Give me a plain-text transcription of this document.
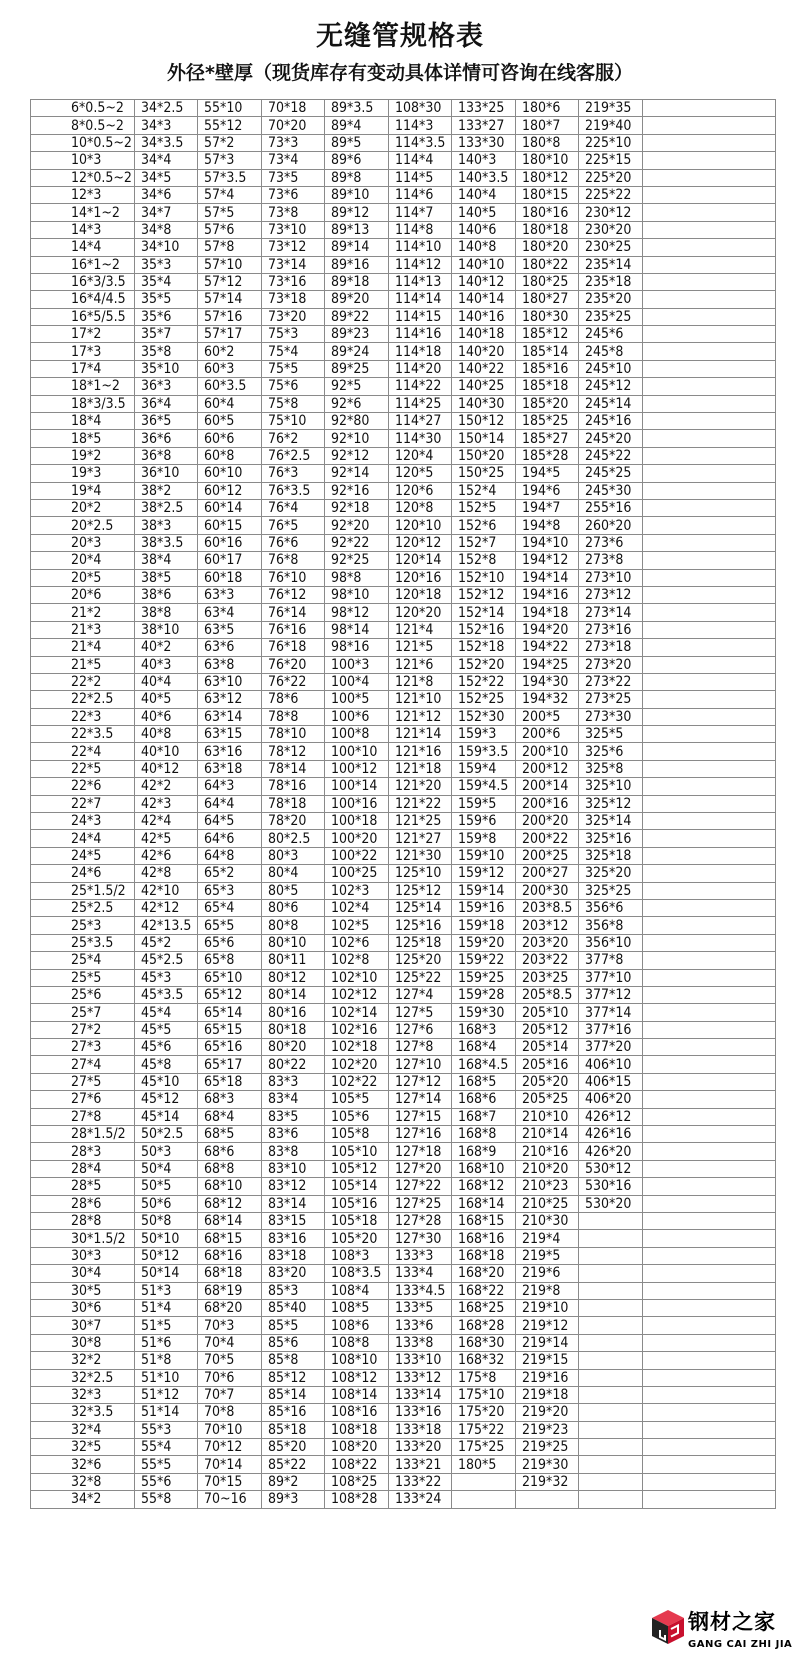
无缝管规格表
外径*壁厚（现货库存有变动具体详情可咨询在线客服）
6*0.5~2	34*2.5	55*10	70*18	89*3.5	108*30	133*25	180*6	219*35	
8*0.5~2	34*3	55*12	70*20	89*4	114*3	133*27	180*7	219*40	
10*0.5~2	34*3.5	57*2	73*3	89*5	114*3.5	133*30	180*8	225*10	
10*3	34*4	57*3	73*4	89*6	114*4	140*3	180*10	225*15	
12*0.5~2	34*5	57*3.5	73*5	89*8	114*5	140*3.5	180*12	225*20	
12*3	34*6	57*4	73*6	89*10	114*6	140*4	180*15	225*22	
14*1~2	34*7	57*5	73*8	89*12	114*7	140*5	180*16	230*12	
14*3	34*8	57*6	73*10	89*13	114*8	140*6	180*18	230*20	
14*4	34*10	57*8	73*12	89*14	114*10	140*8	180*20	230*25	
16*1~2	35*3	57*10	73*14	89*16	114*12	140*10	180*22	235*14	
16*3/3.5	35*4	57*12	73*16	89*18	114*13	140*12	180*25	235*18	
16*4/4.5	35*5	57*14	73*18	89*20	114*14	140*14	180*27	235*20	
16*5/5.5	35*6	57*16	73*20	89*22	114*15	140*16	180*30	235*25	
17*2	35*7	57*17	75*3	89*23	114*16	140*18	185*12	245*6	
17*3	35*8	60*2	75*4	89*24	114*18	140*20	185*14	245*8	
17*4	35*10	60*3	75*5	89*25	114*20	140*22	185*16	245*10	
18*1~2	36*3	60*3.5	75*6	92*5	114*22	140*25	185*18	245*12	
18*3/3.5	36*4	60*4	75*8	92*6	114*25	140*30	185*20	245*14	
18*4	36*5	60*5	75*10	92*80	114*27	150*12	185*25	245*16	
18*5	36*6	60*6	76*2	92*10	114*30	150*14	185*27	245*20	
19*2	36*8	60*8	76*2.5	92*12	120*4	150*20	185*28	245*22	
19*3	36*10	60*10	76*3	92*14	120*5	150*25	194*5	245*25	
19*4	38*2	60*12	76*3.5	92*16	120*6	152*4	194*6	245*30	
20*2	38*2.5	60*14	76*4	92*18	120*8	152*5	194*7	255*16	
20*2.5	38*3	60*15	76*5	92*20	120*10	152*6	194*8	260*20	
20*3	38*3.5	60*16	76*6	92*22	120*12	152*7	194*10	273*6	
20*4	38*4	60*17	76*8	92*25	120*14	152*8	194*12	273*8	
20*5	38*5	60*18	76*10	98*8	120*16	152*10	194*14	273*10	
20*6	38*6	63*3	76*12	98*10	120*18	152*12	194*16	273*12	
21*2	38*8	63*4	76*14	98*12	120*20	152*14	194*18	273*14	
21*3	38*10	63*5	76*16	98*14	121*4	152*16	194*20	273*16	
21*4	40*2	63*6	76*18	98*16	121*5	152*18	194*22	273*18	
21*5	40*3	63*8	76*20	100*3	121*6	152*20	194*25	273*20	
22*2	40*4	63*10	76*22	100*4	121*8	152*22	194*30	273*22	
22*2.5	40*5	63*12	78*6	100*5	121*10	152*25	194*32	273*25	
22*3	40*6	63*14	78*8	100*6	121*12	152*30	200*5	273*30	
22*3.5	40*8	63*15	78*10	100*8	121*14	159*3	200*6	325*5	
22*4	40*10	63*16	78*12	100*10	121*16	159*3.5	200*10	325*6	
22*5	40*12	63*18	78*14	100*12	121*18	159*4	200*12	325*8	
22*6	42*2	64*3	78*16	100*14	121*20	159*4.5	200*14	325*10	
22*7	42*3	64*4	78*18	100*16	121*22	159*5	200*16	325*12	
24*3	42*4	64*5	78*20	100*18	121*25	159*6	200*20	325*14	
24*4	42*5	64*6	80*2.5	100*20	121*27	159*8	200*22	325*16	
24*5	42*6	64*8	80*3	100*22	121*30	159*10	200*25	325*18	
24*6	42*8	65*2	80*4	100*25	125*10	159*12	200*27	325*20	
25*1.5/2	42*10	65*3	80*5	102*3	125*12	159*14	200*30	325*25	
25*2.5	42*12	65*4	80*6	102*4	125*14	159*16	203*8.5	356*6	
25*3	42*13.5	65*5	80*8	102*5	125*16	159*18	203*12	356*8	
25*3.5	45*2	65*6	80*10	102*6	125*18	159*20	203*20	356*10	
25*4	45*2.5	65*8	80*11	102*8	125*20	159*22	203*22	377*8	
25*5	45*3	65*10	80*12	102*10	125*22	159*25	203*25	377*10	
25*6	45*3.5	65*12	80*14	102*12	127*4	159*28	205*8.5	377*12	
25*7	45*4	65*14	80*16	102*14	127*5	159*30	205*10	377*14	
27*2	45*5	65*15	80*18	102*16	127*6	168*3	205*12	377*16	
27*3	45*6	65*16	80*20	102*18	127*8	168*4	205*14	377*20	
27*4	45*8	65*17	80*22	102*20	127*10	168*4.5	205*16	406*10	
27*5	45*10	65*18	83*3	102*22	127*12	168*5	205*20	406*15	
27*6	45*12	68*3	83*4	105*5	127*14	168*6	205*25	406*20	
27*8	45*14	68*4	83*5	105*6	127*15	168*7	210*10	426*12	
28*1.5/2	50*2.5	68*5	83*6	105*8	127*16	168*8	210*14	426*16	
28*3	50*3	68*6	83*8	105*10	127*18	168*9	210*16	426*20	
28*4	50*4	68*8	83*10	105*12	127*20	168*10	210*20	530*12	
28*5	50*5	68*10	83*12	105*14	127*22	168*12	210*23	530*16	
28*6	50*6	68*12	83*14	105*16	127*25	168*14	210*25	530*20	
28*8	50*8	68*14	83*15	105*18	127*28	168*15	210*30		
30*1.5/2	50*10	68*15	83*16	105*20	127*30	168*16	219*4		
30*3	50*12	68*16	83*18	108*3	133*3	168*18	219*5		
30*4	50*14	68*18	83*20	108*3.5	133*4	168*20	219*6		
30*5	51*3	68*19	85*3	108*4	133*4.5	168*22	219*8		
30*6	51*4	68*20	85*40	108*5	133*5	168*25	219*10		
30*7	51*5	70*3	85*5	108*6	133*6	168*28	219*12		
30*8	51*6	70*4	85*6	108*8	133*8	168*30	219*14		
32*2	51*8	70*5	85*8	108*10	133*10	168*32	219*15		
32*2.5	51*10	70*6	85*12	108*12	133*12	175*8	219*16		
32*3	51*12	70*7	85*14	108*14	133*14	175*10	219*18		
32*3.5	51*14	70*8	85*16	108*16	133*16	175*20	219*20		
32*4	55*3	70*10	85*18	108*18	133*18	175*22	219*23		
32*5	55*4	70*12	85*20	108*20	133*20	175*25	219*25		
32*6	55*5	70*14	85*22	108*22	133*21	180*5	219*30		
32*8	55*6	70*15	89*2	108*25	133*22		219*32		
34*2	55*8	70~16	89*3	108*28	133*24				
钢材之家
GANG CAI ZHI JIA
